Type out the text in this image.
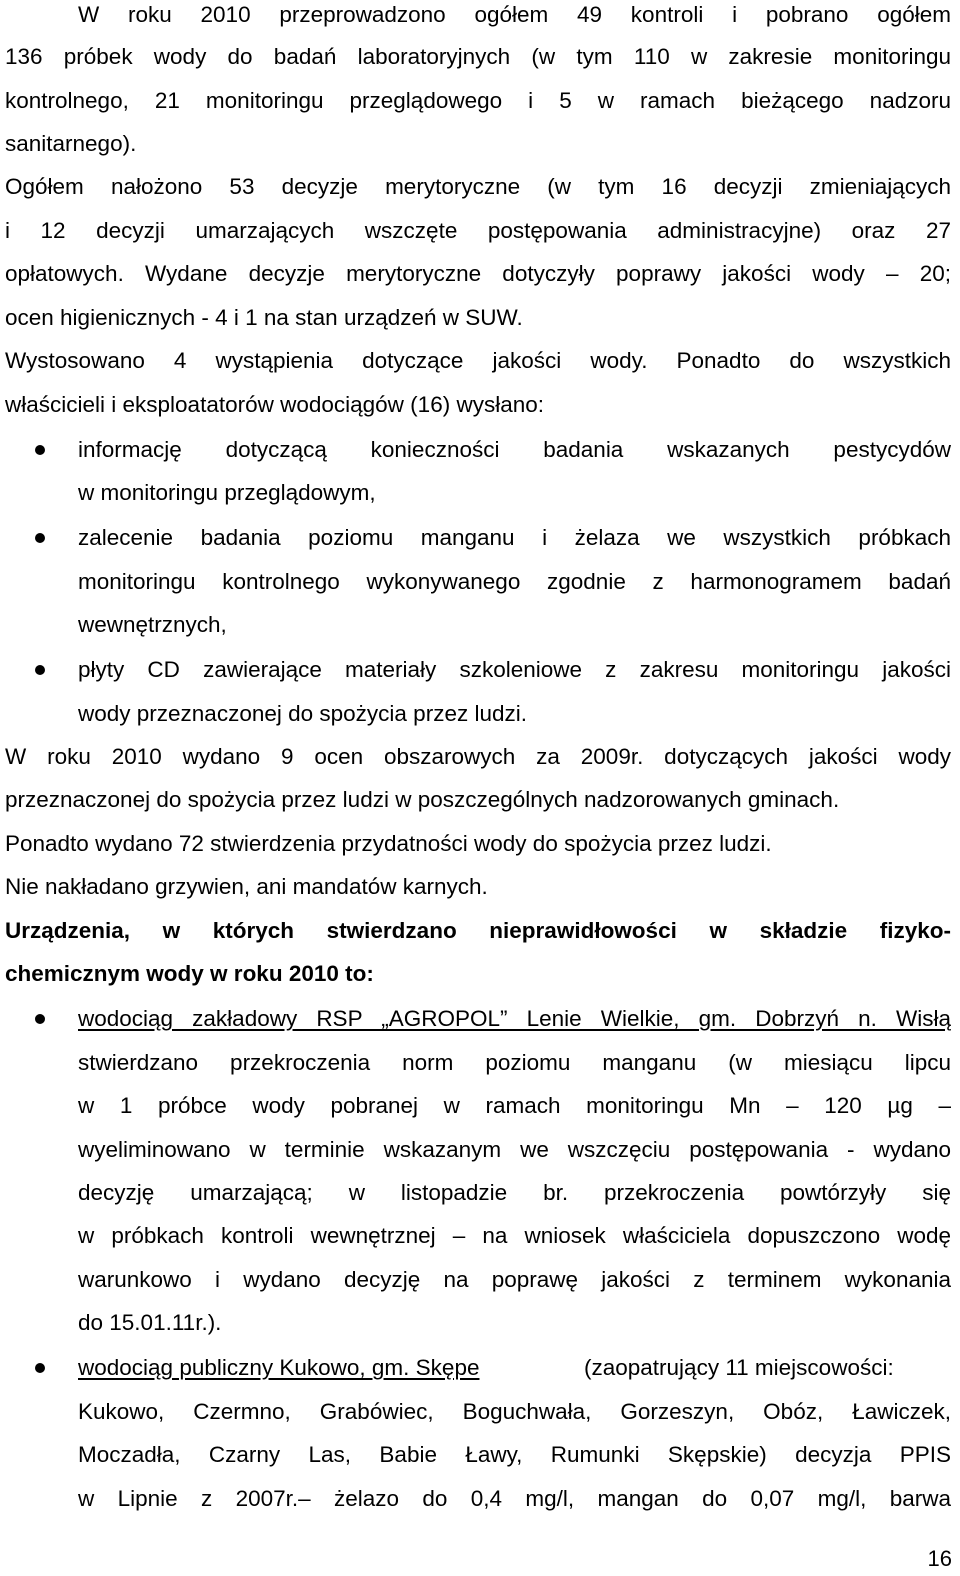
W roku 2010 przeprowadzono ogółem 49 kontroli i pobrano ogółem
136 próbek wody do badań laboratoryjnych (w tym 110 w zakresie monitoringu
kontrolnego, 21 monitoringu przeglądowego i 5 w ramach bieżącego nadzoru
sanitarnego).
Ogółem nałożono 53 decyzje merytoryczne (w tym 16 decyzji zmieniających
i 12 decyzji umarzających wszczęte postępowania administracyjne) oraz 27
opłatowych. Wydane decyzje merytoryczne dotyczyły poprawy jakości wody – 20;
ocen higienicznych - 4 i 1 na stan urządzeń w SUW.
Wystosowano 4 wystąpienia dotyczące jakości wody. Ponadto do wszystkich
właścicieli i eksploatatorów wodociągów (16) wysłano:
informację dotyczącą konieczności badania wskazanych pestycydów
w monitoringu przeglądowym,
zalecenie badania poziomu manganu i żelaza we wszystkich próbkach
monitoringu kontrolnego wykonywanego zgodnie z harmonogramem badań
wewnętrznych,
płyty CD zawierające materiały szkoleniowe z zakresu monitoringu jakości
wody przeznaczonej do spożycia przez ludzi.
W roku 2010 wydano 9 ocen obszarowych za 2009r. dotyczących jakości wody
przeznaczonej do spożycia przez ludzi w poszczególnych nadzorowanych gminach.
Ponadto wydano 72 stwierdzenia przydatności wody do spożycia przez ludzi.
Nie nakładano grzywien, ani mandatów karnych.
Urządzenia, w których stwierdzano nieprawidłowości w składzie fizyko-
chemicznym wody w roku 2010 to:
wodociąg zakładowy RSP „AGROPOL” Lenie Wielkie, gm. Dobrzyń n. Wisłą
stwierdzano przekroczenia norm poziomu manganu (w miesiącu lipcu
w 1 próbce wody pobranej w ramach monitoringu Mn – 120 µg –
wyeliminowano w terminie wskazanym we wszczęciu postępowania - wydano
decyzję umarzającą; w listopadzie br. przekroczenia powtórzyły się
w próbkach kontroli wewnętrznej – na wniosek właściciela dopuszczono wodę
warunkowo i wydano decyzję na poprawę jakości z terminem wykonania
do 15.01.11r.).
wodociąg publiczny Kukowo, gm. Skępe	(zaopatrujący 11 miejscowości:
Kukowo, Czermno, Grabówiec, Boguchwała, Gorzeszyn, Obóz, Ławiczek,
Moczadła, Czarny Las, Babie Ławy, Rumunki Skępskie) decyzja PPIS
w Lipnie z 2007r.– żelazo do 0,4 mg/l, mangan do 0,07 mg/l, barwa
16
